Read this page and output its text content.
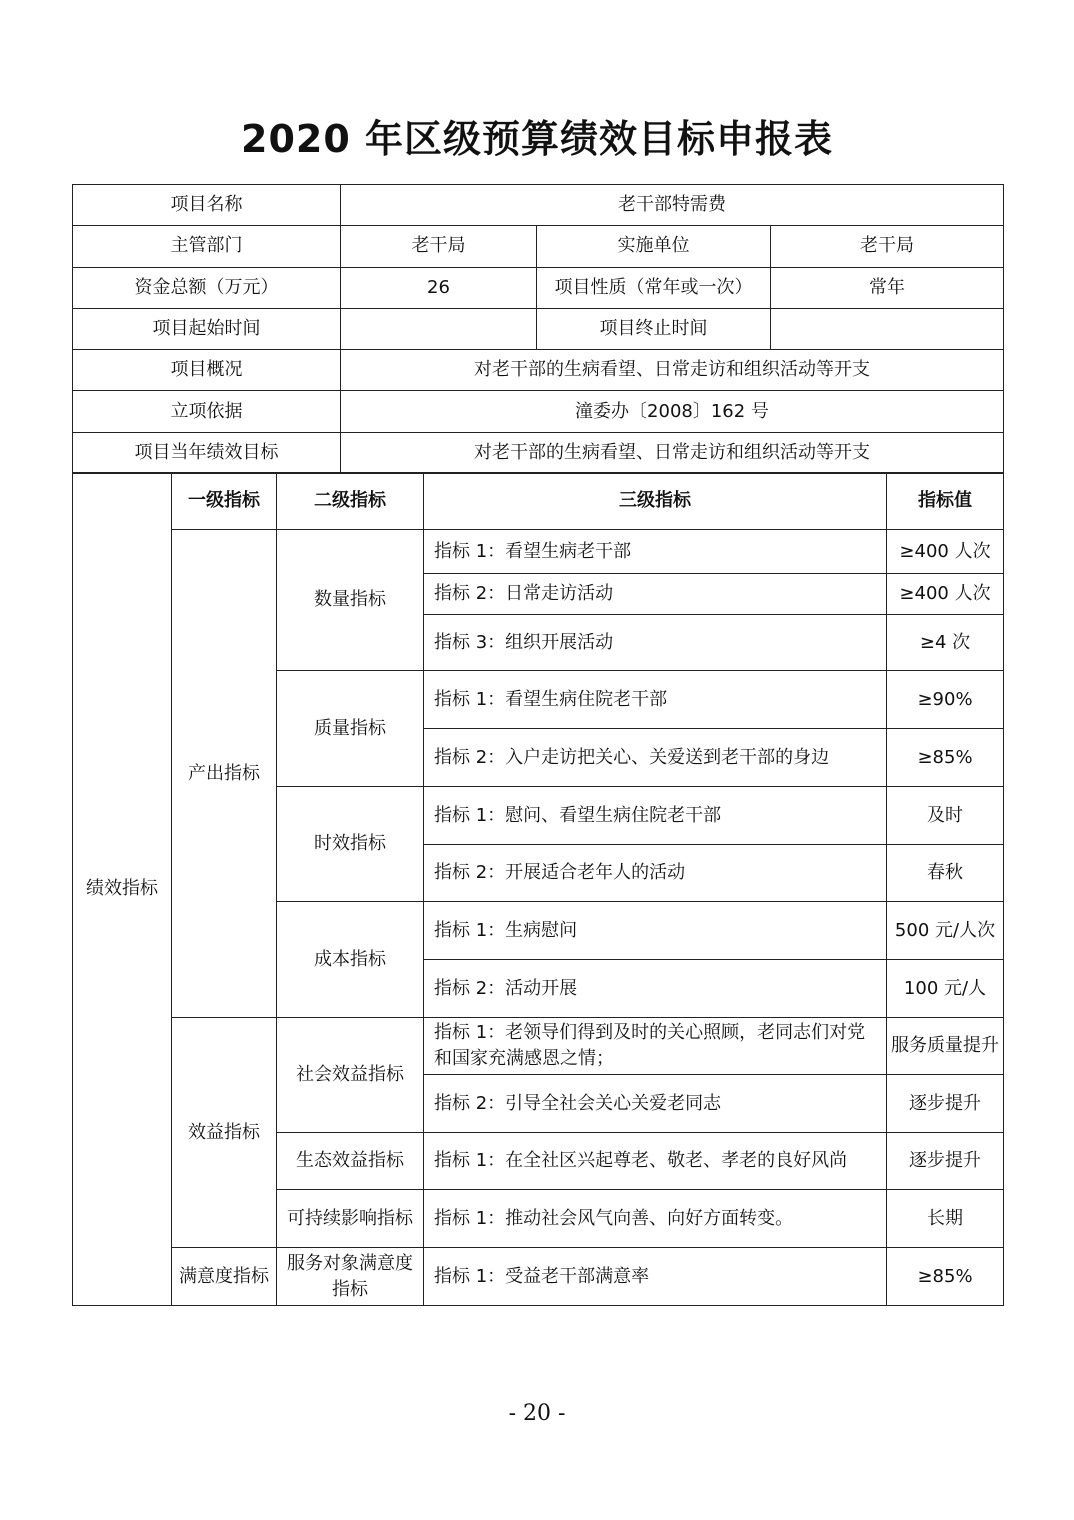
2020 年区级预算绩效目标申报表
项目名称	老干部特需费		
主管部门	老干局	实施单位	老干局
资金总额（万元）	26	项目性质（常年或一次）	常年
项目起始时间		项目终止时间	
项目概况	对老干部的生病看望、日常走访和组织活动等开支		
立项依据	潼委办〔2008〕162 号		
项目当年绩效目标	对老干部的生病看望、日常走访和组织活动等开支		
绩效指标	一级指标	二级指标	三级指标	指标值
	产出指标	数量指标	指标 1：看望生病老干部	≥400 人次
			指标 2：日常走访活动	≥400 人次
			指标 3：组织开展活动	≥4 次
		质量指标	指标 1：看望生病住院老干部	≥90%
			指标 2：入户走访把关心、关爱送到老干部的身边	≥85%
		时效指标	指标 1：慰问、看望生病住院老干部	及时
			指标 2：开展适合老年人的活动	春秋
		成本指标	指标 1：生病慰问	500 元/人次
			指标 2：活动开展	100 元/人
	效益指标	社会效益指标	指标 1：老领导们得到及时的关心照顾，老同志们对党和国家充满感恩之情；	服务质量提升
			指标 2：引导全社会关心关爱老同志	逐步提升
		生态效益指标	指标 1：在全社区兴起尊老、敬老、孝老的良好风尚	逐步提升
		可持续影响指标	指标 1：推动社会风气向善、向好方面转变。	长期
	满意度指标	服务对象满意度指标	指标 1：受益老干部满意率	≥85%
- 20 -
